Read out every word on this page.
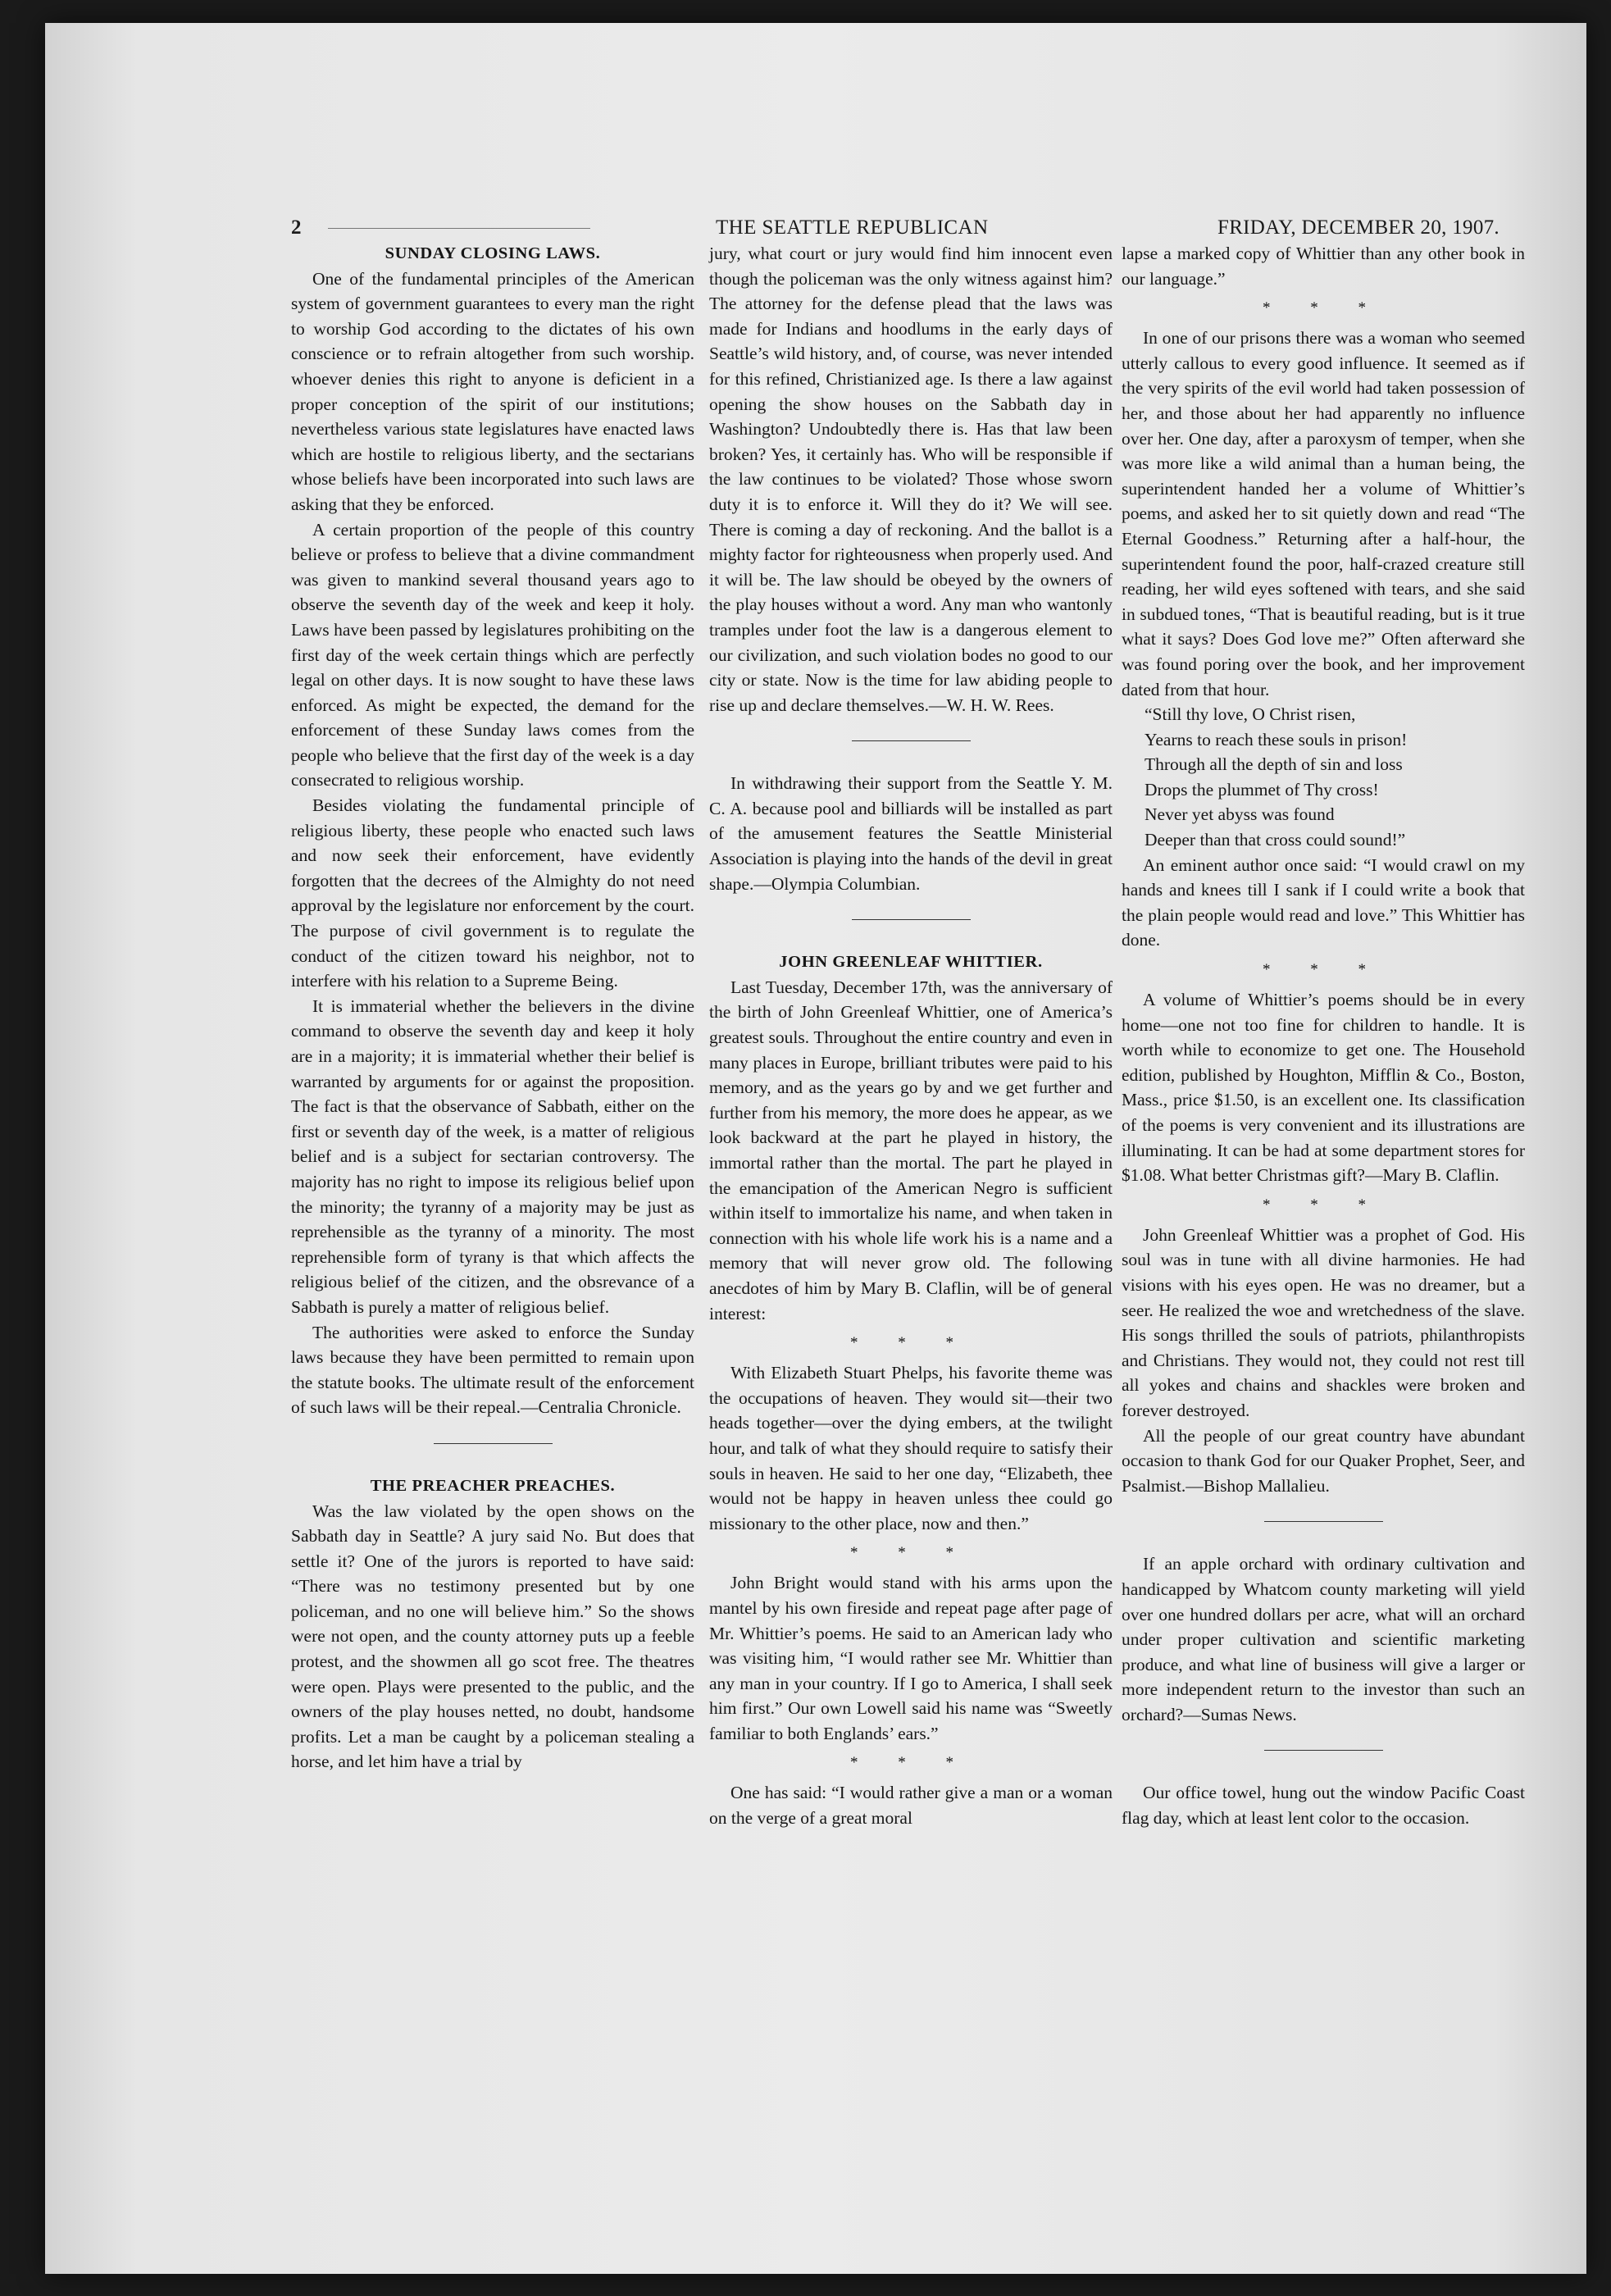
2	THE SEATTLE REPUBLICAN	FRIDAY, DECEMBER 20, 1907.
SUNDAY CLOSING LAWS.

One of the fundamental principles of the American system of government guarantees to every man the right to worship God according to the dictates of his own conscience or to refrain altogether from such worship. whoever denies this right to anyone is deficient in a proper conception of the spirit of our institutions; nevertheless various state legislatures have enacted laws which are hostile to religious liberty, and the sectarians whose beliefs have been incorporated into such laws are asking that they be enforced.

A certain proportion of the people of this country believe or profess to believe that a divine commandment was given to mankind several thousand years ago to observe the seventh day of the week and keep it holy. Laws have been passed by legislatures prohibiting on the first day of the week certain things which are perfectly legal on other days. It is now sought to have these laws enforced. As might be expected, the demand for the enforcement of these Sunday laws comes from the people who believe that the first day of the week is a day consecrated to religious worship.

Besides violating the fundamental principle of religious liberty, these people who enacted such laws and now seek their enforcement, have evidently forgotten that the decrees of the Almighty do not need approval by the legislature nor enforcement by the court. The purpose of civil government is to regulate the conduct of the citizen toward his neighbor, not to interfere with his relation to a Supreme Being.

It is immaterial whether the believers in the divine command to observe the seventh day and keep it holy are in a majority; it is immaterial whether their belief is warranted by arguments for or against the proposition. The fact is that the observance of Sabbath, either on the first or seventh day of the week, is a matter of religious belief and is a subject for sectarian controversy. The majority has no right to impose its religious belief upon the minority; the tyranny of a majority may be just as reprehensible as the tyranny of a minority. The most reprehensible form of tyrany is that which affects the religious belief of the citizen, and the obsrevance of a Sabbath is purely a matter of religious belief.

The authorities were asked to enforce the Sunday laws because they have been permitted to remain upon the statute books. The ultimate result of the enforcement of such laws will be their repeal.—Centralia Chronicle.

THE PREACHER PREACHES.

Was the law violated by the open shows on the Sabbath day in Seattle? A jury said No. But does that settle it? One of the jurors is reported to have said: “There was no testimony presented but by one policeman, and no one will believe him.” So the shows were not open, and the county attorney puts up a feeble protest, and the showmen all go scot free. The theatres were open. Plays were presented to the public, and the owners of the play houses netted, no doubt, handsome profits. Let a man be caught by a policeman stealing a horse, and let him have a trial by

jury, what court or jury would find him innocent even though the policeman was the only witness against him? The attorney for the defense plead that the laws was made for Indians and hoodlums in the early days of Seattle’s wild history, and, of course, was never intended for this refined, Christianized age. Is there a law against opening the show houses on the Sabbath day in Washington? Undoubtedly there is. Has that law been broken? Yes, it certainly has. Who will be responsible if the law continues to be violated? Those whose sworn duty it is to enforce it. Will they do it? We will see. There is coming a day of reckoning. And the ballot is a mighty factor for righteousness when properly used. And it will be. The law should be obeyed by the owners of the play houses without a word. Any man who wantonly tramples under foot the law is a dangerous element to our civilization, and such violation bodes no good to our city or state. Now is the time for law abiding people to rise up and declare themselves.—W. H. W. Rees.

In withdrawing their support from the Seattle Y. M. C. A. because pool and billiards will be installed as part of the amusement features the Seattle Ministerial Association is playing into the hands of the devil in great shape.—Olympia Columbian.

JOHN GREENLEAF WHITTIER.

Last Tuesday, December 17th, was the anniversary of the birth of John Greenleaf Whittier, one of America’s greatest souls. Throughout the entire country and even in many places in Europe, brilliant tributes were paid to his memory, and as the years go by and we get further and further from his memory, the more does he appear, as we look backward at the part he played in history, the immortal rather than the mortal. The part he played in the emancipation of the American Negro is sufficient within itself to immortalize his name, and when taken in connection with his whole life work his is a name and a memory that will never grow old. The following anecdotes of him by Mary B. Claflin, will be of general interest:

* * *

With Elizabeth Stuart Phelps, his favorite theme was the occupations of heaven. They would sit—their two heads together—over the dying embers, at the twilight hour, and talk of what they should require to satisfy their souls in heaven. He said to her one day, “Elizabeth, thee would not be happy in heaven unless thee could go missionary to the other place, now and then.”

* * *

John Bright would stand with his arms upon the mantel by his own fireside and repeat page after page of Mr. Whittier’s poems. He said to an American lady who was visiting him, “I would rather see Mr. Whittier than any man in your country. If I go to America, I shall seek him first.” Our own Lowell said his name was “Sweetly familiar to both Englands’ ears.”

* * *

One has said: “I would rather give a man or a woman on the verge of a great moral

lapse a marked copy of Whittier than any other book in our language.”

* * *

In one of our prisons there was a woman who seemed utterly callous to every good influence. It seemed as if the very spirits of the evil world had taken possession of her, and those about her had apparently no influence over her. One day, after a paroxysm of temper, when she was more like a wild animal than a human being, the superintendent handed her a volume of Whittier’s poems, and asked her to sit quietly down and read “The Eternal Goodness.” Returning after a half-hour, the superintendent found the poor, half-crazed creature still reading, her wild eyes softened with tears, and she said in subdued tones, “That is beautiful reading, but is it true what it says? Does God love me?” Often afterward she was found poring over the book, and her improvement dated from that hour.

“Still thy love, O Christ risen,
Yearns to reach these souls in prison!
Through all the depth of sin and loss
Drops the plummet of Thy cross!
Never yet abyss was found
Deeper than that cross could sound!”

An eminent author once said: “I would crawl on my hands and knees till I sank if I could write a book that the plain people would read and love.” This Whittier has done.

* * *

A volume of Whittier’s poems should be in every home—one not too fine for children to handle. It is worth while to economize to get one. The Household edition, published by Houghton, Mifflin & Co., Boston, Mass., price $1.50, is an excellent one. Its classification of the poems is very convenient and its illustrations are illuminating. It can be had at some department stores for $1.08. What better Christmas gift?—Mary B. Claflin.

* * *

John Greenleaf Whittier was a prophet of God. His soul was in tune with all divine harmonies. He had visions with his eyes open. He was no dreamer, but a seer. He realized the woe and wretchedness of the slave. His songs thrilled the souls of patriots, philanthropists and Christians. They would not, they could not rest till all yokes and chains and shackles were broken and forever destroyed.

All the people of our great country have abundant occasion to thank God for our Quaker Prophet, Seer, and Psalmist.—Bishop Mallalieu.

If an apple orchard with ordinary cultivation and handicapped by Whatcom county marketing will yield over one hundred dollars per acre, what will an orchard under proper cultivation and scientific marketing produce, and what line of business will give a larger or more independent return to the investor than such an orchard?—Sumas News.

Our office towel, hung out the window Pacific Coast flag day, which at least lent color to the occasion.
